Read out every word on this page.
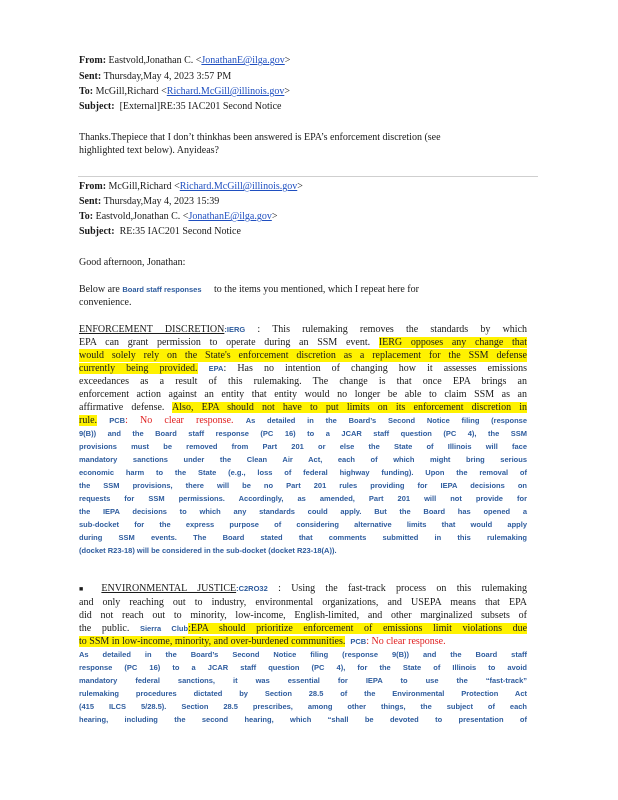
From: Eastvold,Jonathan C. <JonathanE@ilga.gov>
Sent: Thursday,May 4, 2023 3:57 PM
To: McGill,Richard <Richard.McGill@illinois.gov>
Subject: [External]RE:35 IAC201 Second Notice
Thanks.Thepiece that I don’t thinkhas been answered is EPA’s enforcement discretion (see
highlighted text below). Anyideas?
From: McGill,Richard <Richard.McGill@illinois.gov>
Sent: Thursday,May 4, 2023 15:39
To: Eastvold,Jonathan C. <JonathanE@ilga.gov>
Subject: RE:35 IAC201 Second Notice
Good afternoon, Jonathan:
Below are Board staff responses to the items you mentioned, which I repeat here for
convenience.
ENFORCEMENT DISCRETION:IERG : This rulemaking removes the standards by which
EPA can grant permission to operate during an SSM event. IERG opposes any change that
would solely rely on the State's enforcement discretion as a replacement for the SSM defense
currently being provided. EPA: Has no intention of changing how it assesses emissions
exceedances as a result of this rulemaking. The change is that once EPA brings an
enforcement action against an entity that entity would no longer be able to claim SSM as an
affirmative defense. Also, EPA should not have to put limits on its enforcement discretion in
rule. PCB: No clear response. As detailed in the Board’s Second Notice filing (response
9(B)) and the Board staff response (PC 16) to a JCAR staff question (PC 4), the SSM
provisions must be removed from Part 201 or else the State of Illinois will face
mandatory sanctions under the Clean Air Act, each of which might bring serious
economic harm to the State (e.g., loss of federal highway funding). Upon the removal of
the SSM provisions, there will be no Part 201 rules providing for IEPA decisions on
requests for SSM permissions. Accordingly, as amended, Part 201 will not provide for
the IEPA decisions to which any standards could apply. But the Board has opened a
sub-docket for the express purpose of considering alternative limits that would apply
during SSM events. The Board stated that comments submitted in this rulemaking
(docket R23-18) will be considered in the sub-docket (docket R23-18(A)).
■ ENVIRONMENTAL JUSTICE:C2RO32 : Using the fast-track process on this rulemaking
and only reaching out to industry, environmental organizations, and USEPA means that EPA
did not reach out to minority, low-income, English-limited, and other marginalized subsets of
the public. Sierra Club:EPA should prioritize enforcement of emissions limit violations due
to SSM in low-income, minority, and over-burdened communities. PCB: No clear response.
As detailed in the Board’s Second Notice filing (response 9(B)) and the Board staff
response (PC 16) to a JCAR staff question (PC 4), for the State of Illinois to avoid
mandatory federal sanctions, it was essential for IEPA to use the “fast-track”
rulemaking procedures dictated by Section 28.5 of the Environmental Protection Act
(415 ILCS 5/28.5). Section 28.5 prescribes, among other things, the subject of each
hearing, including the second hearing, which “shall be devoted to presentation of
